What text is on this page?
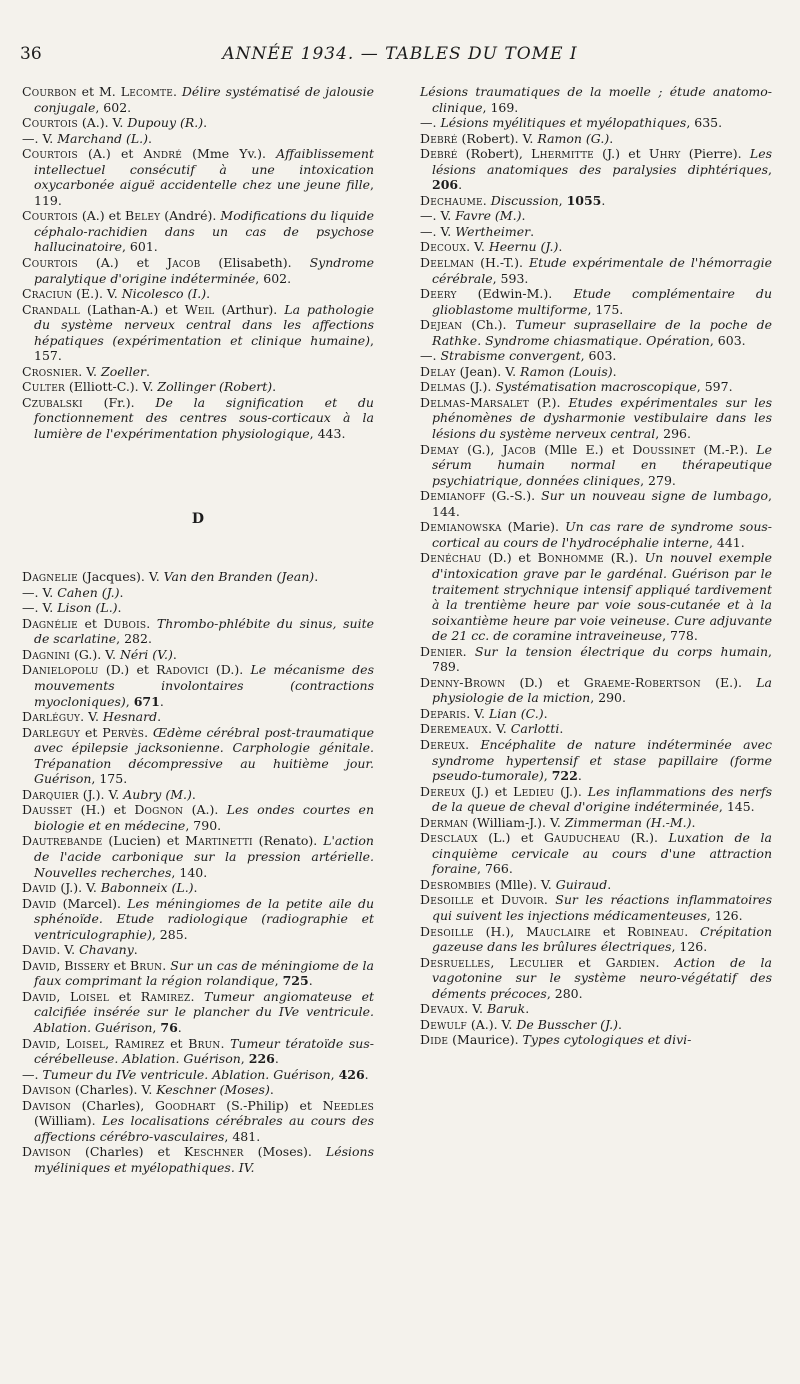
36	ANNÉE 1934. — TABLES DU TOME I

Courbon et M. Lecomte. Délire systématisé de jalousie conjugale, 602.

Courtois (A.). V. Dupouy (R.).

—. V. Marchand (L.).

Courtois (A.) et André (Mme Yv.). Affaiblissement intellectuel consécutif à une intoxication oxycarbonée aiguë accidentelle chez une jeune fille, 119.

Courtois (A.) et Beley (André). Modifications du liquide céphalo-rachidien dans un cas de psychose hallucinatoire, 601.

Courtois (A.) et Jacob (Elisabeth). Syndrome paralytique d'origine indéterminée, 602.

Craciun (E.). V. Nicolesco (I.).

Crandall (Lathan-A.) et Weil (Arthur). La pathologie du système nerveux central dans les affections hépatiques (expérimentation et clinique humaine), 157.

Crosnier. V. Zoeller.

Culter (Elliott-C.). V. Zollinger (Robert).

Czubalski (Fr.). De la signification et du fonctionnement des centres sous-corticaux à la lumière de l'expérimentation physiologique, 443.

D

Dagnelie (Jacques). V. Van den Branden (Jean).

—. V. Cahen (J.).

—. V. Lison (L.).

Dagnélie et Dubois. Thrombo-phlébite du sinus, suite de scarlatine, 282.

Dagnini (G.). V. Néri (V.).

Danielopolu (D.) et Radovici (D.). Le mécanisme des mouvements involontaires (contractions myocloniques), 671.

Darléguy. V. Hesnard.

Darleguy et Pervès. Œdème cérébral post-traumatique avec épilepsie jacksonienne. Carphologie génitale. Trépanation décompressive au huitième jour. Guérison, 175.

Darquier (J.). V. Aubry (M.).

Dausset (H.) et Dognon (A.). Les ondes courtes en biologie et en médecine, 790.

Dautrebande (Lucien) et Martinetti (Renato). L'action de l'acide carbonique sur la pression artérielle. Nouvelles recherches, 140.

David (J.). V. Babonneix (L.).

David (Marcel). Les méningiomes de la petite aile du sphénoïde. Etude radiologique (radiographie et ventriculographie), 285.

David. V. Chavany.

David, Bissery et Brun. Sur un cas de méningiome de la faux comprimant la région rolandique, 725.

David, Loisel et Ramirez. Tumeur angiomateuse et calcifiée insérée sur le plancher du IVe ventricule. Ablation. Guérison, 76.

David, Loisel, Ramirez et Brun. Tumeur tératoïde sus-cérébelleuse. Ablation. Guérison, 226.

—. Tumeur du IVe ventricule. Ablation. Guérison, 426.

Davison (Charles). V. Keschner (Moses).

Davison (Charles), Goodhart (S.-Philip) et Needles (William). Les localisations cérébrales au cours des affections cérébro-vasculaires, 481.

Davison (Charles) et Keschner (Moses). Lésions myéliniques et myélopathiques. IV.

Lésions traumatiques de la moelle ; étude anatomo-clinique, 169.

—. Lésions myélitiques et myélopathiques, 635.

Debré (Robert). V. Ramon (G.).

Debré (Robert), Lhermitte (J.) et Uhry (Pierre). Les lésions anatomiques des paralysies diphtériques, 206.

Dechaume. Discussion, 1055.

—. V. Favre (M.).

—. V. Wertheimer.

Decoux. V. Heernu (J.).

Deelman (H.-T.). Etude expérimentale de l'hémorragie cérébrale, 593.

Deery (Edwin-M.). Etude complémentaire du glioblastome multiforme, 175.

Dejean (Ch.). Tumeur suprasellaire de la poche de Rathke. Syndrome chiasmatique. Opération, 603.

—. Strabisme convergent, 603.

Delay (Jean). V. Ramon (Louis).

Delmas (J.). Systématisation macroscopique, 597.

Delmas-Marsalet (P.). Etudes expérimentales sur les phénomènes de dysharmonie vestibulaire dans les lésions du système nerveux central, 296.

Demay (G.), Jacob (Mlle E.) et Doussinet (M.-P.). Le sérum humain normal en thérapeutique psychiatrique, données cliniques, 279.

Demianoff (G.-S.). Sur un nouveau signe de lumbago, 144.

Demianowska (Marie). Un cas rare de syndrome sous-cortical au cours de l'hydrocéphalie interne, 441.

Denéchau (D.) et Bonhomme (R.). Un nouvel exemple d'intoxication grave par le gardénal. Guérison par le traitement strychnique intensif appliqué tardivement à la trentième heure par voie sous-cutanée et à la soixantième heure par voie veineuse. Cure adjuvante de 21 cc. de coramine intraveineuse, 778.

Denier. Sur la tension électrique du corps humain, 789.

Denny-Brown (D.) et Graeme-Robertson (E.). La physiologie de la miction, 290.

Deparis. V. Lian (C.).

Deremeaux. V. Carlotti.

Dereux. Encéphalite de nature indéterminée avec syndrome hypertensif et stase papillaire (forme pseudo-tumorale), 722.

Dereux (J.) et Ledieu (J.). Les inflammations des nerfs de la queue de cheval d'origine indéterminée, 145.

Derman (William-J.). V. Zimmerman (H.-M.).

Desclaux (L.) et Gauducheau (R.). Luxation de la cinquième cervicale au cours d'une attraction foraine, 766.

Desrombies (Mlle). V. Guiraud.

Desoille et Duvoir. Sur les réactions inflammatoires qui suivent les injections médicamenteuses, 126.

Desoille (H.), Mauclaire et Robineau. Crépitation gazeuse dans les brûlures électriques, 126.

Desruelles, Leculier et Gardien. Action de la vagotonine sur le système neuro-végétatif des déments précoces, 280.

Devaux. V. Baruk.

Dewulf (A.). V. De Busscher (J.).

Dide (Maurice). Types cytologiques et divi-
